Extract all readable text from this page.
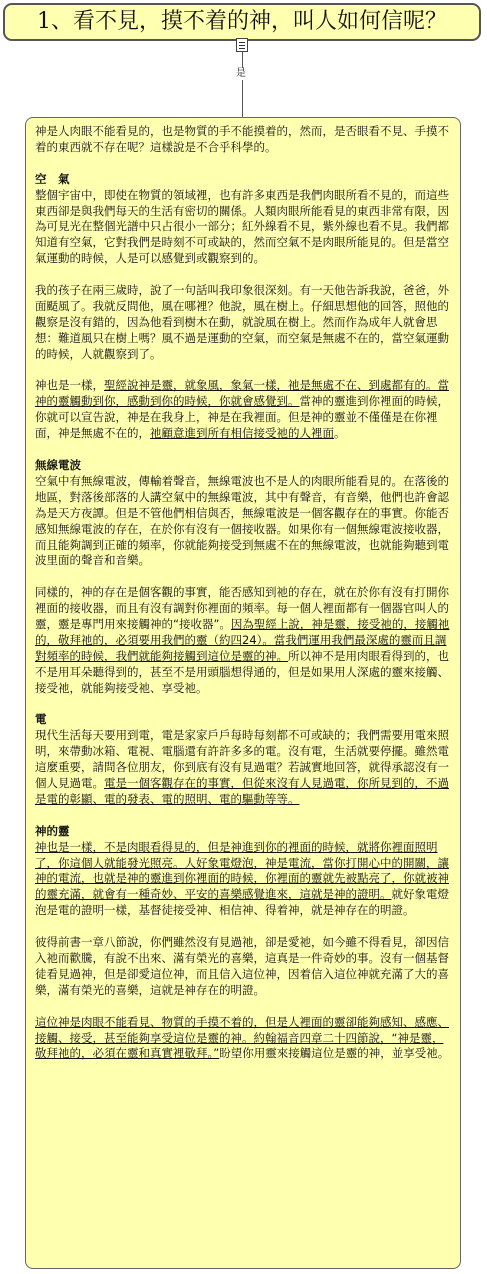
1、看不見，摸不着的神，叫人如何信呢？
是

神是人肉眼不能看見的，也是物質的手不能摸着的，然而，是否眼看不見、手摸不着的東西就不存在呢？這樣說是不合乎科學的。

空　氣

整個宇宙中，即使在物質的領域裡，也有許多東西是我們肉眼所看不見的，而這些東西卻是與我們每天的生活有密切的關係。人類肉眼所能看見的東西非常有限，因為可見光在整個光譜中只占很小一部分；紅外線看不見，紫外線也看不見。我們都知道有空氣，它對我們是時刻不可或缺的，然而空氣不是肉眼所能見的。但是當空氣運動的時候，人是可以感覺到或觀察到的。

我的孩子在兩三歲時，說了一句話叫我印象很深刻。有一天他告訴我說，爸爸，外面颳風了。我就反問他，風在哪裡？他說，風在樹上。仔細思想他的回答，照他的觀察是沒有錯的，因為他看到樹木在動，就說風在樹上。然而作為成年人就會思想：難道風只在樹上嗎？風不過是運動的空氣，而空氣是無處不在的，當空氣運動的時候，人就觀察到了。

神也是一樣，聖經說神是靈，就象風，象氣一樣，祂是無處不在、到處都有的。當神的靈觸動到你，感動到你的時候，你就會感覺到。當神的靈進到你裡面的時候，你就可以宣告說，神是在我身上，神是在我裡面。但是神的靈並不僅僅是在你裡面，神是無處不在的，祂顧意進到所有相信接受祂的人裡面。

無線電波

空氣中有無線電波，傳輸着聲音，無線電波也不是人的肉眼所能看見的。在落後的地區，對落後部落的人講空氣中的無線電波，其中有聲音，有音樂，他們也許會認為是天方夜譚。但是不管他們相信與否，無線電波是一個客觀存在的事實。你能否感知無線電波的存在，在於你有沒有一個接收器。如果你有一個無線電波接收器，而且能夠調到正確的頻率，你就能夠接受到無處不在的無線電波，也就能夠聽到電波里面的聲音和音樂。

同樣的，神的存在是個客觀的事實，能否感知到祂的存在，就在於你有沒有打開你裡面的接收器，而且有沒有調對你裡面的頻率。每一個人裡面都有一個器官叫人的靈，靈是專門用來接觸神的“接收器”。因為聖經上說，神是靈，接受祂的，接觸祂的，敬拜祂的，必須要用我們的靈（約四24）。當我們運用我們最深處的靈而且調對頻率的時候，我們就能夠接觸到這位是靈的神。所以神不是用肉眼看得到的，也不是用耳朵聽得到的，甚至不是用頭腦想得通的，但是如果用人深處的靈來接觸、接受祂，就能夠接受祂、享受祂。

電

現代生活每天要用到電，電是家家戶戶每時每刻都不可或缺的；我們需要用電來照明，來帶動冰箱、電視、電腦還有許許多多的電。沒有電，生活就要停擺。雖然電這麼重要，請問各位朋友，你到底有沒有見過電？若誠實地回答，就得承認沒有一個人見過電。電是一個客觀存在的事實，但從來沒有人見過電，你所見到的，不過是電的彰顯、電的發表、電的照明、電的驅動等等。

神的靈

神也是一樣，不是肉眼看得見的，但是神進到你的裡面的時候，就將你裡面照明了，你這個人就能發光照亮。人好象電燈泡，神是電流，當你打開心中的開關，讓神的電流，也就是神的靈進到你裡面的時候，你裡面的靈就先被點亮了，你就被神的靈充滿，就會有一種奇妙、平安的喜樂感覺進來，這就是神的證明。就好象電燈泡是電的證明一樣，基督徒接受神、相信神、得着神，就是神存在的明證。

彼得前書一章八節說，你們雖然沒有見過祂，卻是愛祂，如今雖不得看見，卻因信入祂而歡騰，有說不出來、滿有榮光的喜樂，這真是一件奇妙的事。沒有一個基督徒看見過神，但是卻愛這位神，而且信入這位神，因着信入這位神就充滿了大的喜樂，滿有榮光的喜樂，這就是神存在的明證。

這位神是肉眼不能看見、物質的手摸不着的，但是人裡面的靈卻能夠感知、感應、接觸、接受，甚至能夠享受這位是靈的神。約翰福音四章二十四節說，“神是靈，敬拜祂的，必須在靈和真實裡敬拜。”盼望你用靈來接觸這位是靈的神，並享受祂。
